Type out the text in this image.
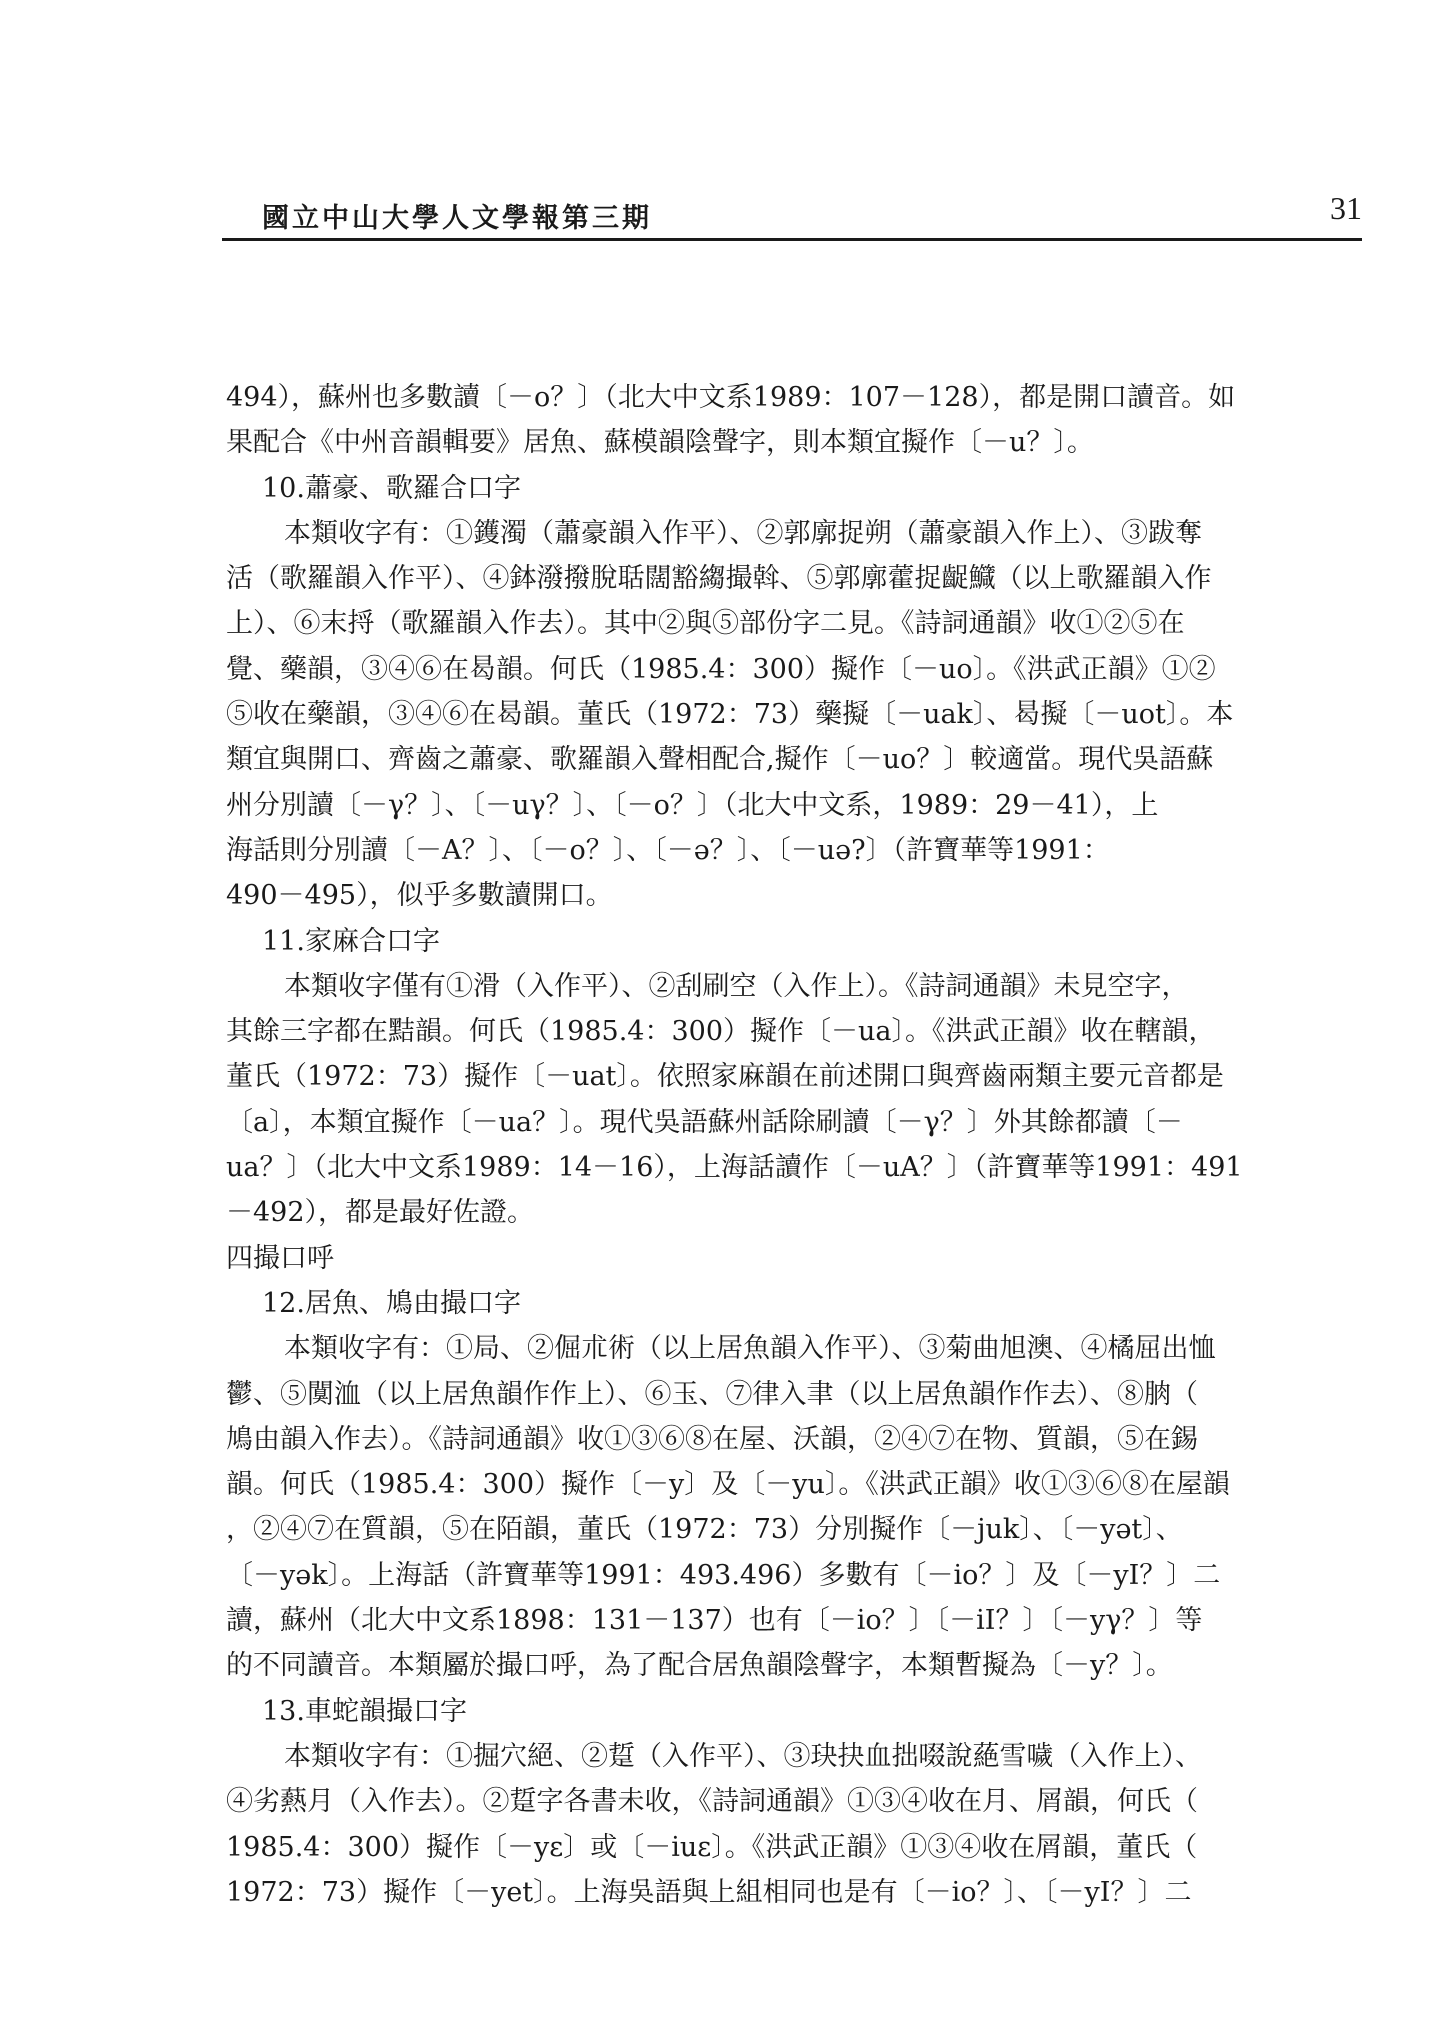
國立中山大學人文學報第三期	31
494），蘇州也多數讀〔－o？〕（北大中文系1989：107－128），都是開口讀音。如
果配合《中州音韻輯要》居魚、蘇模韻陰聲字，則本類宜擬作〔－u？〕。
10.蕭豪、歌羅合口字
本類收字有：①鑊濁（蕭豪韻入作平）、②郭廓捉朔（蕭豪韻入作上）、③跋奪
活（歌羅韻入作平）、④鉢潑撥脫聒闊豁縐撮斡、⑤郭廓藿捉齪鱵（以上歌羅韻入作
上）、⑥末捋（歌羅韻入作去）。其中②與⑤部份字二見。《詩詞通韻》收①②⑤在
覺、藥韻，③④⑥在曷韻。何氏（1985.4：300）擬作〔－uo〕。《洪武正韻》①②
⑤收在藥韻，③④⑥在曷韻。董氏（1972：73）藥擬〔－uak〕、曷擬〔－uot〕。本
類宜與開口、齊齒之蕭豪、歌羅韻入聲相配合,擬作〔－uo？〕較適當。現代吳語蘇
州分別讀〔－γ？〕、〔－uγ？〕、〔－o？〕（北大中文系，1989：29－41），上
海話則分別讀〔－A？〕、〔－o？〕、〔－ə？〕、〔－uə?〕（許寶華等1991：
490－495），似乎多數讀開口。
11.家麻合口字
本類收字僅有①滑（入作平）、②刮刷空（入作上）。《詩詞通韻》未見空字，
其餘三字都在黠韻。何氏（1985.4：300）擬作〔－ua〕。《洪武正韻》收在轄韻，
董氏（1972：73）擬作〔－uat〕。依照家麻韻在前述開口與齊齒兩類主要元音都是
〔a〕，本類宜擬作〔－ua？〕。現代吳語蘇州話除刷讀〔－γ？〕外其餘都讀〔－
ua？〕（北大中文系1989：14－16），上海話讀作〔－uA？〕（許寶華等1991：491
－492），都是最好佐證。
四撮口呼
12.居魚、鳩由撮口字
本類收字有：①局、②倔朮術（以上居魚韻入作平）、③菊曲旭澳、④橘屈出恤
鬱、⑤闃洫（以上居魚韻作作上）、⑥玉、⑦律入聿（以上居魚韻作作去）、⑧朒（
鳩由韻入作去）。《詩詞通韻》收①③⑥⑧在屋、沃韻，②④⑦在物、質韻，⑤在錫
韻。何氏（1985.4：300）擬作〔－y〕及〔－yu〕。《洪武正韻》收①③⑥⑧在屋韻
，②④⑦在質韻，⑤在陌韻，董氏（1972：73）分別擬作〔－juk〕、〔－yət〕、
〔－yək〕。上海話（許寶華等1991：493.496）多數有〔－io？〕及〔－yI？〕二
讀，蘇州（北大中文系1898：131－137）也有〔－io？〕〔－iI？〕〔－yγ？〕等
的不同讀音。本類屬於撮口呼，為了配合居魚韻陰聲字，本類暫擬為〔－y？〕。
13.車蛇韻撮口字
本類收字有：①掘穴絕、②踅（入作平）、③玦抉血拙啜說蕝雪噦（入作上）、
④劣爇月（入作去）。②踅字各書未收，《詩詞通韻》①③④收在月、屑韻，何氏（
1985.4：300）擬作〔－yε〕或〔－iuε〕。《洪武正韻》①③④收在屑韻，董氏（
1972：73）擬作〔－yet〕。上海吳語與上組相同也是有〔－io？〕、〔－yI？〕二
